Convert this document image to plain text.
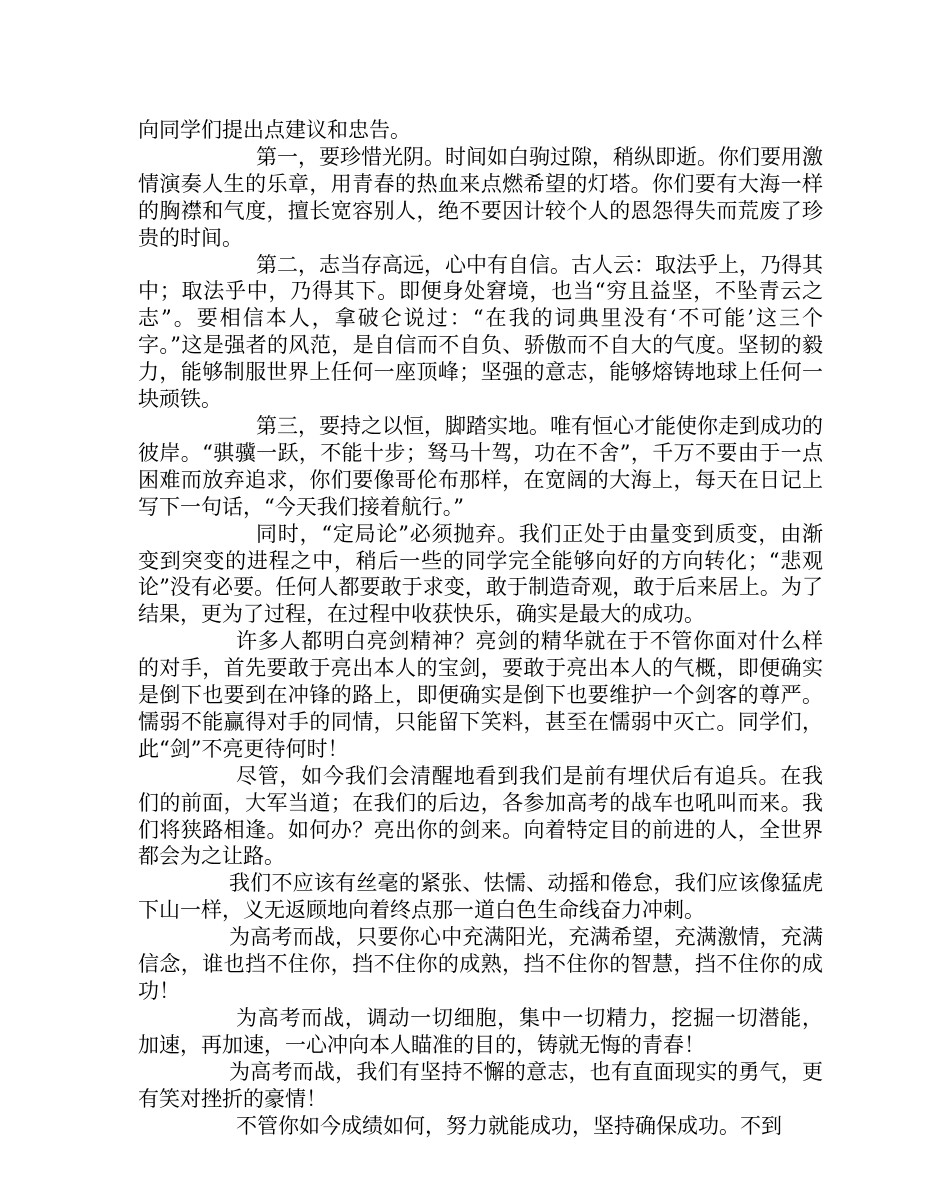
向同学们提出点建议和忠告。

第一，要珍惜光阴。时间如白驹过隙，稍纵即逝。你们要用激情演奏人生的乐章，用青春的热血来点燃希望的灯塔。你们要有大海一样的胸襟和气度，擅长宽容别人，绝不要因计较个人的恩怨得失而荒废了珍贵的时间。

第二，志当存高远，心中有自信。古人云：取法乎上，乃得其中；取法乎中，乃得其下。即便身处窘境，也当“穷且益坚，不坠青云之志”。要相信本人，拿破仑说过：“在我的词典里没有‘不可能’这三个字。”这是强者的风范，是自信而不自负、骄傲而不自大的气度。坚韧的毅力，能够制服世界上任何一座顶峰；坚强的意志，能够熔铸地球上任何一块顽铁。

第三，要持之以恒，脚踏实地。唯有恒心才能使你走到成功的彼岸。“骐骥一跃，不能十步；驽马十驾，功在不舍”，千万不要由于一点困难而放弃追求，你们要像哥伦布那样，在宽阔的大海上，每天在日记上写下一句话，“今天我们接着航行。”

同时，“定局论”必须抛弃。我们正处于由量变到质变，由渐变到突变的进程之中，稍后一些的同学完全能够向好的方向转化；“悲观论”没有必要。任何人都要敢于求变，敢于制造奇观，敢于后来居上。为了结果，更为了过程，在过程中收获快乐，确实是最大的成功。

许多人都明白亮剑精神？亮剑的精华就在于不管你面对什么样的对手，首先要敢于亮出本人的宝剑，要敢于亮出本人的气概，即便确实是倒下也要到在冲锋的路上，即便确实是倒下也要维护一个剑客的尊严。懦弱不能赢得对手的同情，只能留下笑料，甚至在懦弱中灭亡。同学们，此“剑”不亮更待何时！

尽管，如今我们会清醒地看到我们是前有埋伏后有追兵。在我们的前面，大军当道；在我们的后边，各参加高考的战车也吼叫而来。我们将狭路相逢。如何办？亮出你的剑来。向着特定目的前进的人，全世界都会为之让路。

我们不应该有丝毫的紧张、怯懦、动摇和倦怠，我们应该像猛虎下山一样，义无返顾地向着终点那一道白色生命线奋力冲刺。

为高考而战，只要你心中充满阳光，充满希望，充满激情，充满信念，谁也挡不住你，挡不住你的成熟，挡不住你的智慧，挡不住你的成功！

为高考而战，调动一切细胞，集中一切精力，挖掘一切潜能，加速，再加速，一心冲向本人瞄准的目的，铸就无悔的青春！

为高考而战，我们有坚持不懈的意志，也有直面现实的勇气，更有笑对挫折的豪情！

不管你如今成绩如何，努力就能成功，坚持确保成功。不到
